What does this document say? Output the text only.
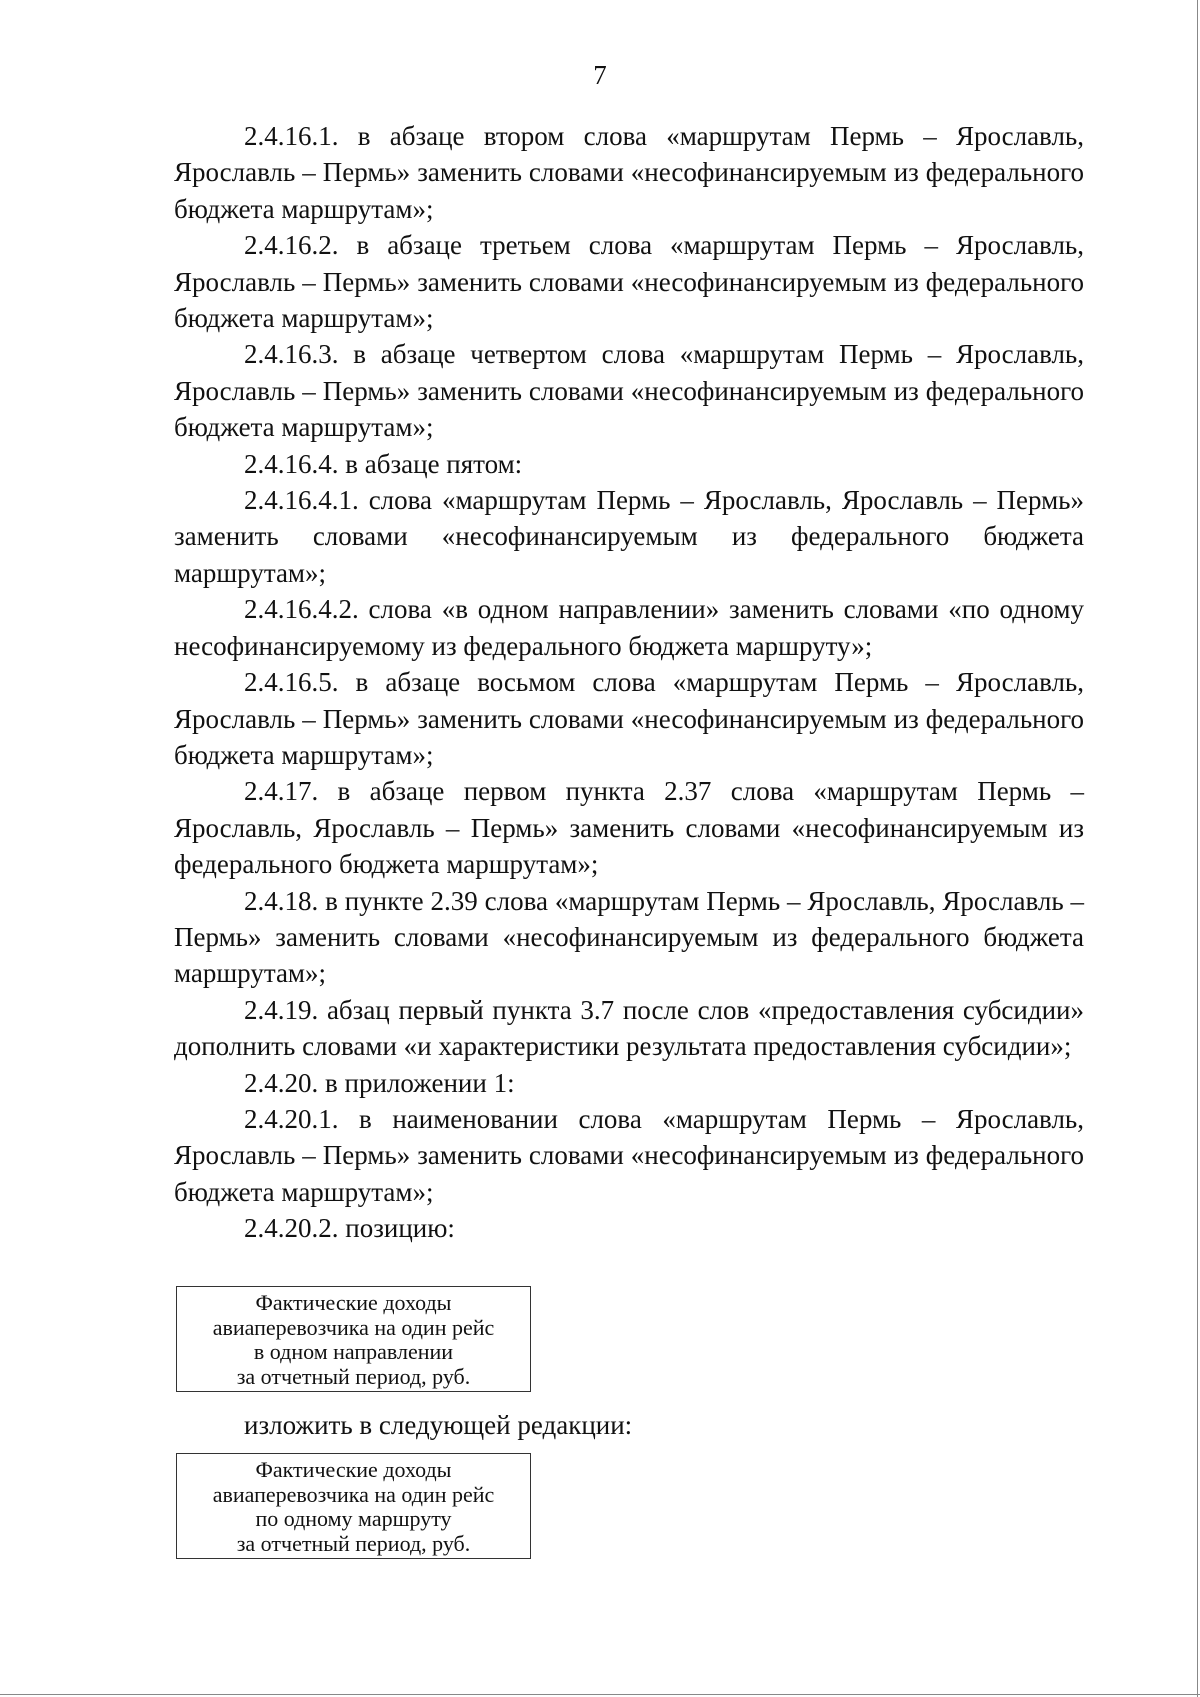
7

2.4.16.1. в абзаце втором слова «маршрутам Пермь – Ярославль, Ярославль – Пермь» заменить словами «несофинансируемым из федерального бюджета маршрутам»;

2.4.16.2. в абзаце третьем слова «маршрутам Пермь – Ярославль, Ярославль – Пермь» заменить словами «несофинансируемым из федерального бюджета маршрутам»;

2.4.16.3. в абзаце четвертом слова «маршрутам Пермь – Ярославль, Ярославль – Пермь» заменить словами «несофинансируемым из федерального бюджета маршрутам»;

2.4.16.4. в абзаце пятом:

2.4.16.4.1. слова «маршрутам Пермь – Ярославль, Ярославль – Пермь» заменить словами «несофинансируемым из федерального бюджета маршрутам»;

2.4.16.4.2. слова «в одном направлении» заменить словами «по одному несофинансируемому из федерального бюджета маршруту»;

2.4.16.5. в абзаце восьмом слова «маршрутам Пермь – Ярославль, Ярославль – Пермь» заменить словами «несофинансируемым из федерального бюджета маршрутам»;

2.4.17. в абзаце первом пункта 2.37 слова «маршрутам Пермь – Ярославль, Ярославль – Пермь» заменить словами «несофинансируемым из федерального бюджета маршрутам»;

2.4.18. в пункте 2.39 слова «маршрутам Пермь – Ярославль, Ярославль – Пермь» заменить словами «несофинансируемым из федерального бюджета маршрутам»;

2.4.19. абзац первый пункта 3.7 после слов «предоставления субсидии» дополнить словами «и характеристики результата предоставления субсидии»;

2.4.20. в приложении 1:

2.4.20.1. в наименовании слова «маршрутам Пермь – Ярославль, Ярославль – Пермь» заменить словами «несофинансируемым из федерального бюджета маршрутам»;

2.4.20.2. позицию:

Фактические доходы
авиаперевозчика на один рейс
в одном направлении
за отчетный период, руб.
изложить в следующей редакции:
Фактические доходы
авиаперевозчика на один рейс
по одному маршруту
за отчетный период, руб.
